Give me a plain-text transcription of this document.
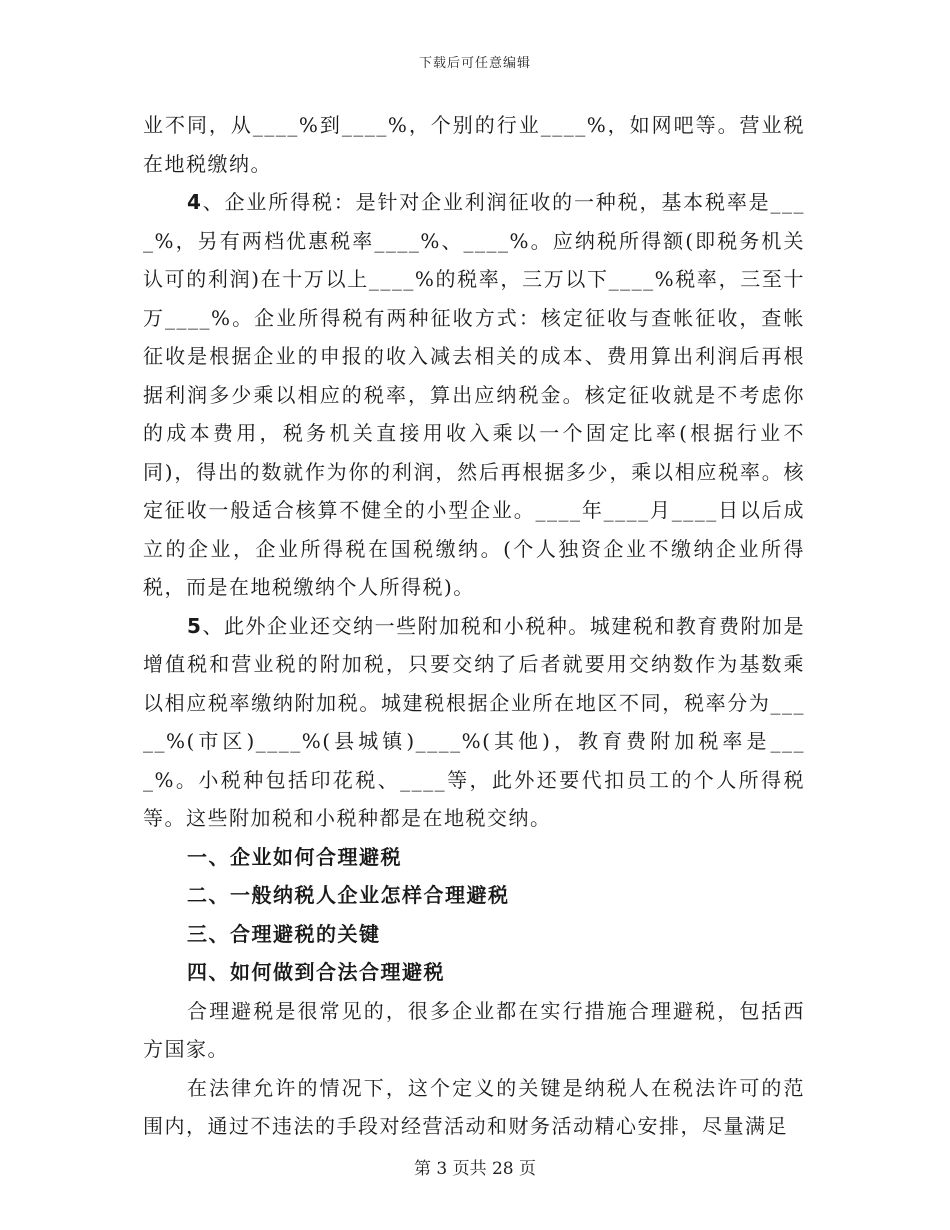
下载后可任意编辑

业不同，从____%到____%，个别的行业____%，如网吧等。营业税在地税缴纳。

4、企业所得税：是针对企业利润征收的一种税，基本税率是____%，另有两档优惠税率____%、____%。应纳税所得额(即税务机关认可的利润)在十万以上____%的税率，三万以下____%税率，三至十万____%。企业所得税有两种征收方式：核定征收与查帐征收，查帐征收是根据企业的申报的收入减去相关的成本、费用算出利润后再根据利润多少乘以相应的税率，算出应纳税金。核定征收就是不考虑你的成本费用，税务机关直接用收入乘以一个固定比率(根据行业不同)，得出的数就作为你的利润，然后再根据多少，乘以相应税率。核定征收一般适合核算不健全的小型企业。____年____月____日以后成立的企业，企业所得税在国税缴纳。(个人独资企业不缴纳企业所得税，而是在地税缴纳个人所得税)。

5、此外企业还交纳一些附加税和小税种。城建税和教育费附加是增值税和营业税的附加税，只要交纳了后者就要用交纳数作为基数乘以相应税率缴纳附加税。城建税根据企业所在地区不同，税率分为_____%(市区)____%(县城镇)____%(其他)，教育费附加税率是____%。小税种包括印花税、____等，此外还要代扣员工的个人所得税等。这些附加税和小税种都是在地税交纳。

一、企业如何合理避税

二、一般纳税人企业怎样合理避税

三、合理避税的关键

四、如何做到合法合理避税

合理避税是很常见的，很多企业都在实行措施合理避税，包括西方国家。

在法律允许的情况下，这个定义的关键是纳税人在税法许可的范围内，通过不违法的手段对经营活动和财务活动精心安排，尽量满足

第 3 页共 28 页
